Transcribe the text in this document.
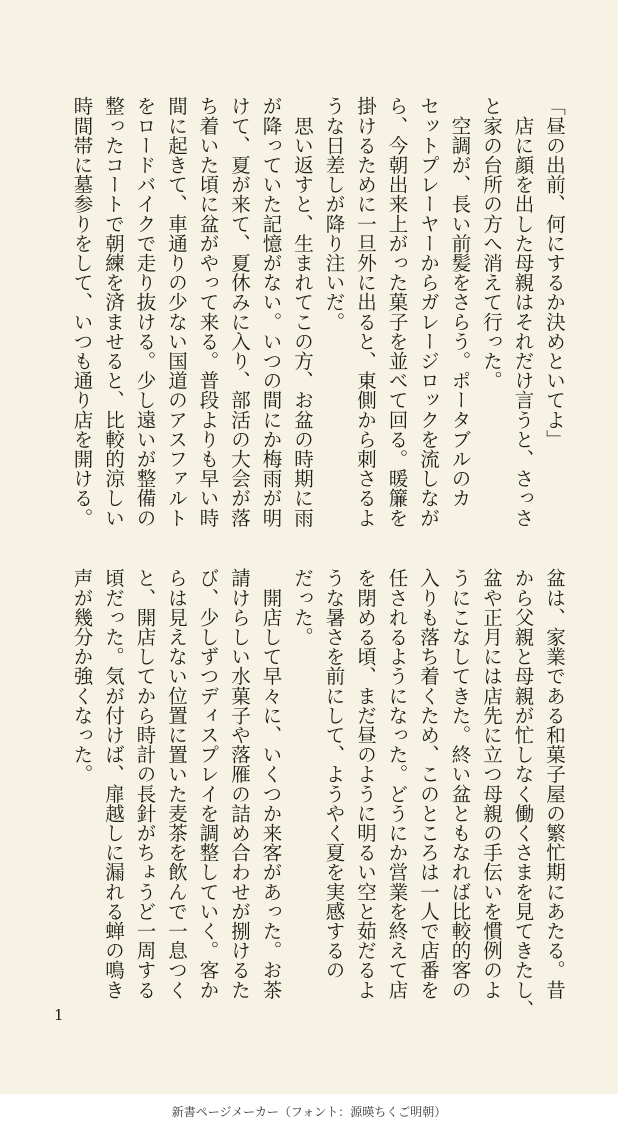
「昼の出前、何にするか決めといてよ」
　店に顔を出した母親はそれだけ言うと、さっさ
と家の台所の方へ消えて行った。
　空調が、長い前髪をさらう。ポータブルのカ
セットプレーヤーからガレージロックを流しなが
ら、今朝出来上がった菓子を並べて回る。暖簾を
掛けるために一旦外に出ると、東側から刺さるよ
うな日差しが降り注いだ。
　思い返すと、生まれてこの方、お盆の時期に雨
が降っていた記憶がない。いつの間にか梅雨が明
けて、夏が来て、夏休みに入り、部活の大会が落
ち着いた頃に盆がやって来る。普段よりも早い時
間に起きて、車通りの少ない国道のアスファルト
をロードバイクで走り抜ける。少し遠いが整備の
整ったコートで朝練を済ませると、比較的涼しい
時間帯に墓参りをして、いつも通り店を開ける。
盆は、家業である和菓子屋の繁忙期にあたる。昔
から父親と母親が忙しなく働くさまを見てきたし、
盆や正月には店先に立つ母親の手伝いを慣例のよ
うにこなしてきた。終い盆ともなれば比較的客の
入りも落ち着くため、このところは一人で店番を
任されるようになった。どうにか営業を終えて店
を閉める頃、まだ昼のように明るい空と茹だるよ
うな暑さを前にして、ようやく夏を実感するの
だった。
　開店して早々に、いくつか来客があった。お茶
請けらしい水菓子や落雁の詰め合わせが捌けるた
び、少しずつディスプレイを調整していく。客か
らは見えない位置に置いた麦茶を飲んで一息つく
と、開店してから時計の長針がちょうど一周する
頃だった。気が付けば、扉越しに漏れる蝉の鳴き
声が幾分か強くなった。
1
新書ページメーカー（フォント：源暎ちくご明朝）
